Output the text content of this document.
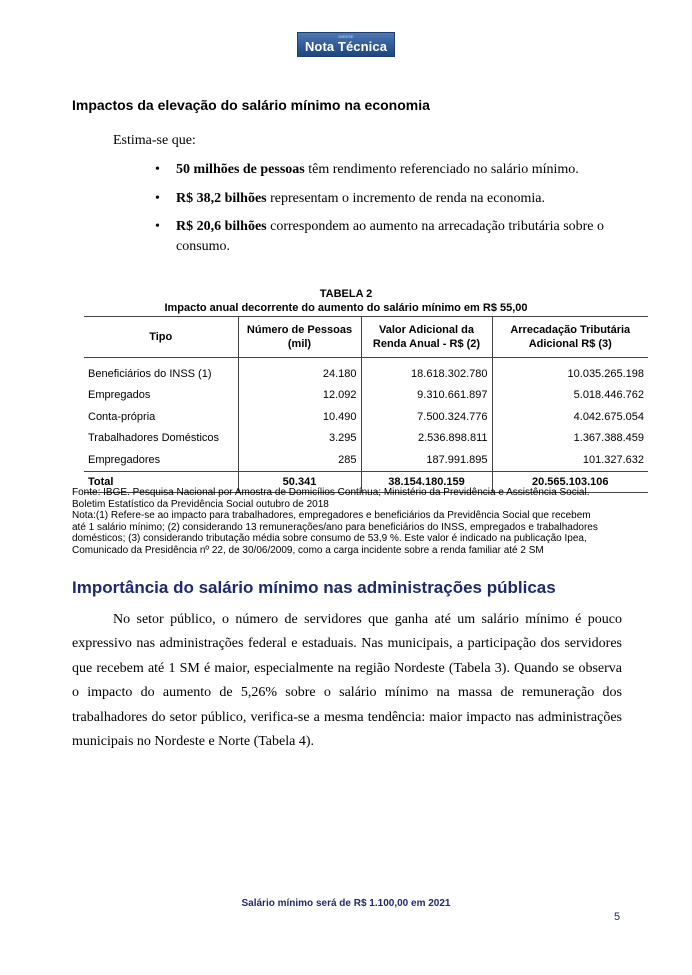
DIEESE
Nota Técnica
Impactos da elevação do salário mínimo na economia
Estima-se que:
• 50 milhões de pessoas têm rendimento referenciado no salário mínimo.
• R$ 38,2 bilhões representam o incremento de renda na economia.
• R$ 20,6 bilhões correspondem ao aumento na arrecadação tributária sobre o consumo.
TABELA 2
Impacto anual decorrente do aumento do salário mínimo em R$ 55,00
Tipo	Número de Pessoas (mil)	Valor Adicional da Renda Anual - R$ (2)	Arrecadação Tributária Adicional R$ (3)
Beneficiários do INSS (1)	24.180	18.618.302.780	10.035.265.198
Empregados	12.092	9.310.661.897	5.018.446.762
Conta-própria	10.490	7.500.324.776	4.042.675.054
Trabalhadores Domésticos	3.295	2.536.898.811	1.367.388.459
Empregadores	285	187.991.895	101.327.632
Total	50.341	38.154.180.159	20.565.103.106
Fonte: IBGE. Pesquisa Nacional por Amostra de Domicílios Contínua; Ministério da Previdência e Assistência Social.
Boletim Estatístico da Previdência Social outubro de 2018
Nota:(1) Refere-se ao impacto para trabalhadores, empregadores e beneficiários da Previdência Social que recebem
até 1 salário mínimo; (2) considerando 13 remunerações/ano para beneficiários do INSS, empregados e trabalhadores
domésticos; (3) considerando tributação média sobre consumo de 53,9 %. Este valor é indicado na publicação Ipea,
Comunicado da Presidência nº 22, de 30/06/2009, como a carga incidente sobre a renda familiar até 2 SM
Importância do salário mínimo nas administrações públicas

No setor público, o número de servidores que ganha até um salário mínimo é pouco expressivo nas administrações federal e estaduais. Nas municipais, a participação dos servidores que recebem até 1 SM é maior, especialmente na região Nordeste (Tabela 3). Quando se observa o impacto do aumento de 5,26% sobre o salário mínimo na massa de remuneração dos trabalhadores do setor público, verifica-se a mesma tendência: maior impacto nas administrações municipais no Nordeste e Norte (Tabela 4).

Salário mínimo será de R$ 1.100,00 em 2021
5
